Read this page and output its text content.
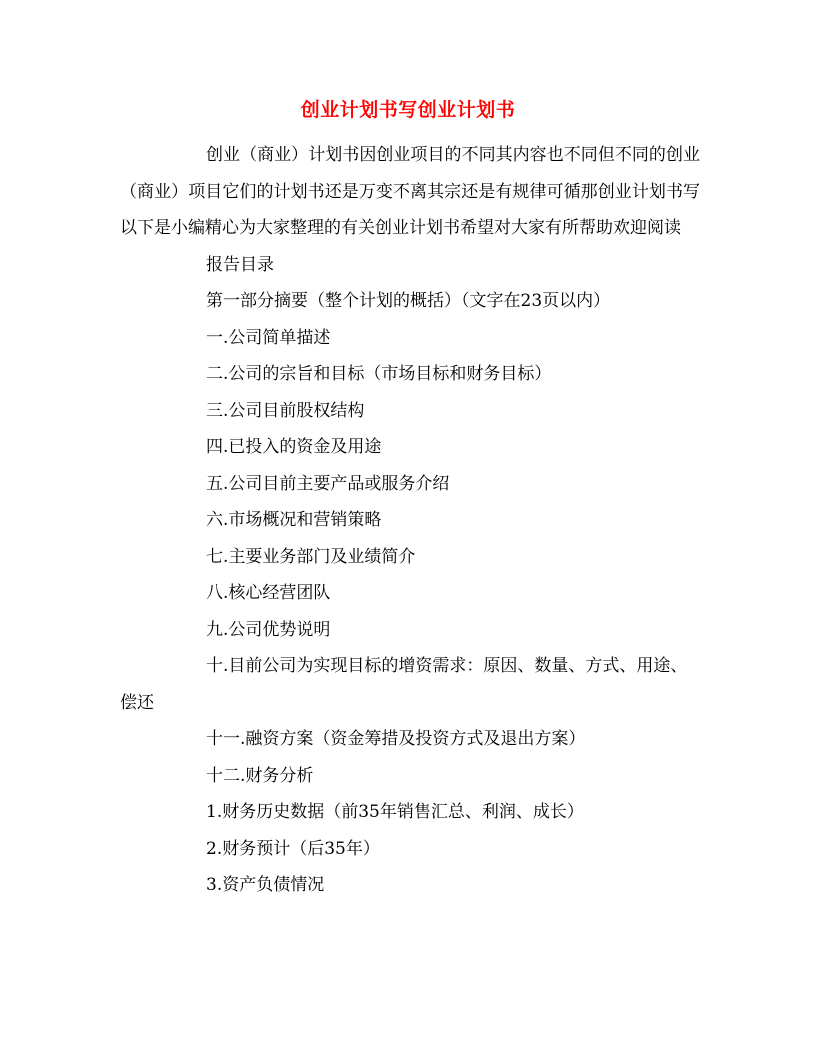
创业计划书写创业计划书

创业（商业）计划书因创业项目的不同其内容也不同但不同的创业（商业）项目它们的计划书还是万变不离其宗还是有规律可循那创业计划书写以下是小编精心为大家整理的有关创业计划书希望对大家有所帮助欢迎阅读

报告目录

第一部分摘要（整个计划的概括）（文字在23页以内）

一.公司简单描述

二.公司的宗旨和目标（市场目标和财务目标）

三.公司目前股权结构

四.已投入的资金及用途

五.公司目前主要产品或服务介绍

六.市场概况和营销策略

七.主要业务部门及业绩简介

八.核心经营团队

九.公司优势说明

十.目前公司为实现目标的增资需求：原因、数量、方式、用途、偿还

十一.融资方案（资金筹措及投资方式及退出方案）

十二.财务分析

1.财务历史数据（前35年销售汇总、利润、成长）

2.财务预计（后35年）

3.资产负债情况
